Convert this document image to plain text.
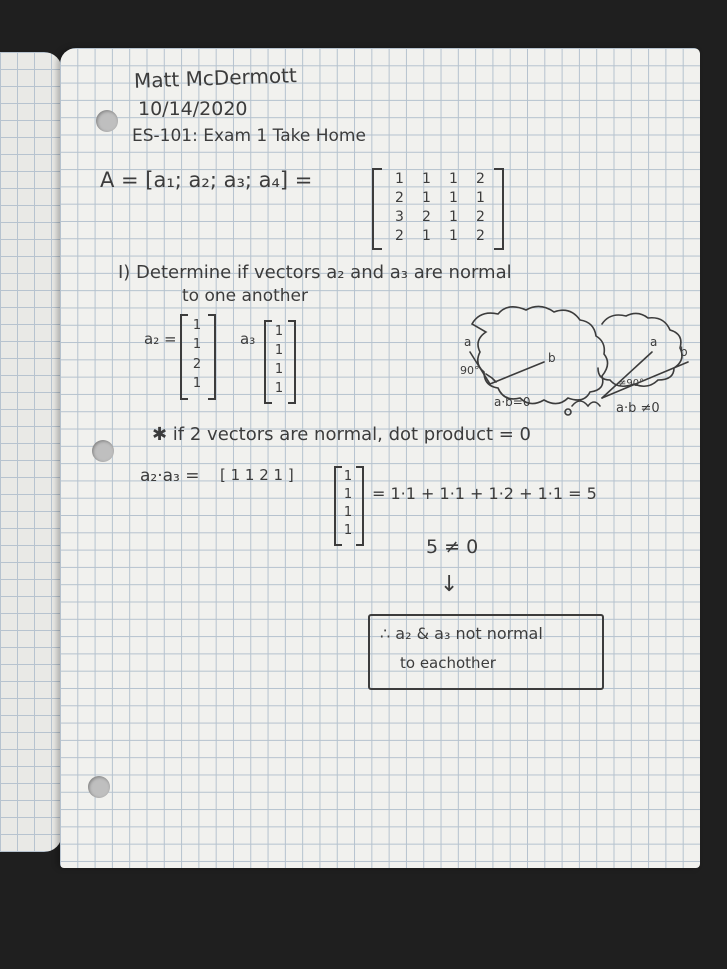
Matt McDermott
10/14/2020
ES-101: Exam 1 Take Home
A = [a₁; a₂; a₃; a₄] =	1	1	1	2
2	1	1	1
3	2	1	2
2	1	1	2
I) Determine if vectors a₂ and a₃ are normal
to one another
a₂ =
1
1
2
1
a₃ 1
1
1
1
90°
a
b
a·b=0
a
b
≠90°
a·b ≠0
✱ if 2 vectors are normal, dot product = 0
a₂·a₃ = [ 1 1 2 1 ]	1
1
1
1
= 1·1 + 1·1 + 1·2 + 1·1 = 5
5 ≠ 0
↓
∴ a₂ & a₃ not normal
to eachother
